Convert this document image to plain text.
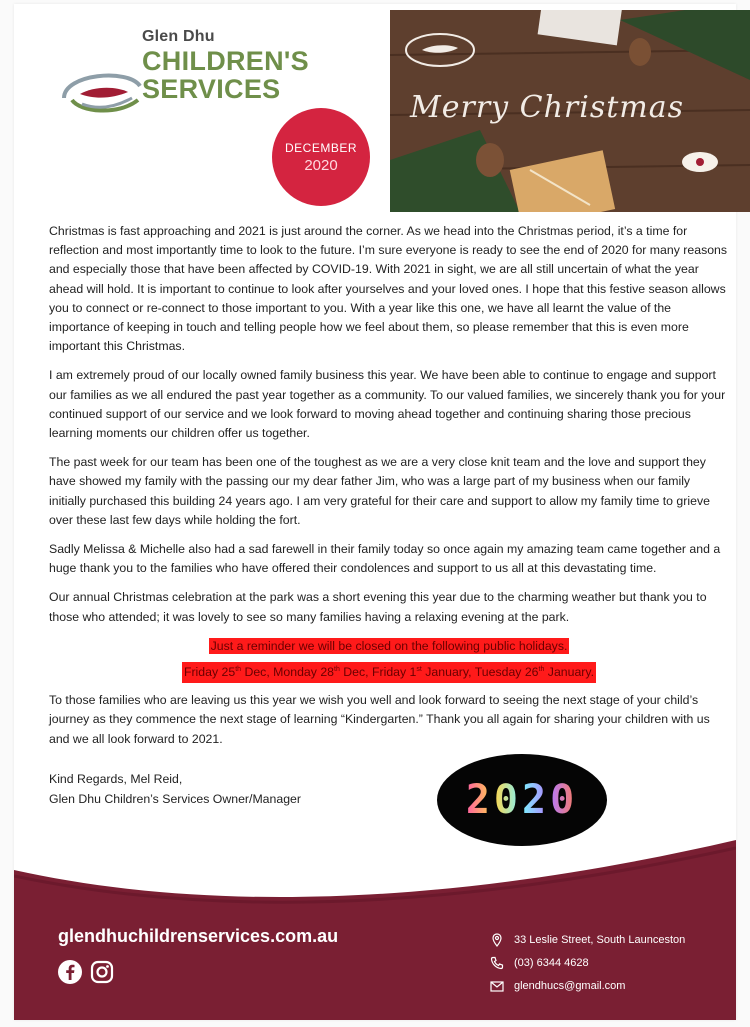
Glen Dhu
CHILDREN'S
SERVICES
DECEMBER
2020
Merry Christmas

Christmas is fast approaching and 2021 is just around the corner. As we head into the Christmas period, it’s a time for reflection and most importantly time to look to the future. I’m sure everyone is ready to see the end of 2020 for many reasons and especially those that have been affected by COVID-19. With 2021 in sight, we are all still uncertain of what the year ahead will hold. It is important to continue to look after yourselves and your loved ones. I hope that this festive season allows you to connect or re-connect to those important to you. With a year like this one, we have all learnt the value of the importance of keeping in touch and telling people how we feel about them, so please remember that this is even more important this Christmas.

I am extremely proud of our locally owned family business this year. We have been able to continue to engage and support our families as we all endured the past year together as a community. To our valued families, we sincerely thank you for your continued support of our service and we look forward to moving ahead together and continuing sharing those precious learning moments our children offer us together.

The past week for our team has been one of the toughest as we are a very close knit team and the love and support they have showed my family with the passing our my dear father Jim, who was a large part of my business when our family initially purchased this building 24 years ago. I am very grateful for their care and support to allow my family time to grieve over these last few days while holding the fort.

Sadly Melissa & Michelle also had a sad farewell in their family today so once again my amazing team came together and a huge thank you to the families who have offered their condolences and support to us all at this devastating time.

Our annual Christmas celebration at the park was a short evening this year due to the charming weather but thank you to those who attended; it was lovely to see so many families having a relaxing evening at the park.

Just a reminder we will be closed on the following public holidays.
Friday 25th Dec, Monday 28th Dec, Friday 1st January, Tuesday 26th January.

To those families who are leaving us this year we wish you well and look forward to seeing the next stage of your child’s journey as they commence the next stage of learning “Kindergarten.” Thank you all again for sharing your children with us and we all look forward to 2021.

Kind Regards, Mel Reid,
Glen Dhu Children’s Services Owner/Manager	2020
glendhuchildrenservices.com.au	33 Leslie Street, South Launceston
(03) 6344 4628
glendhucs@gmail.com
